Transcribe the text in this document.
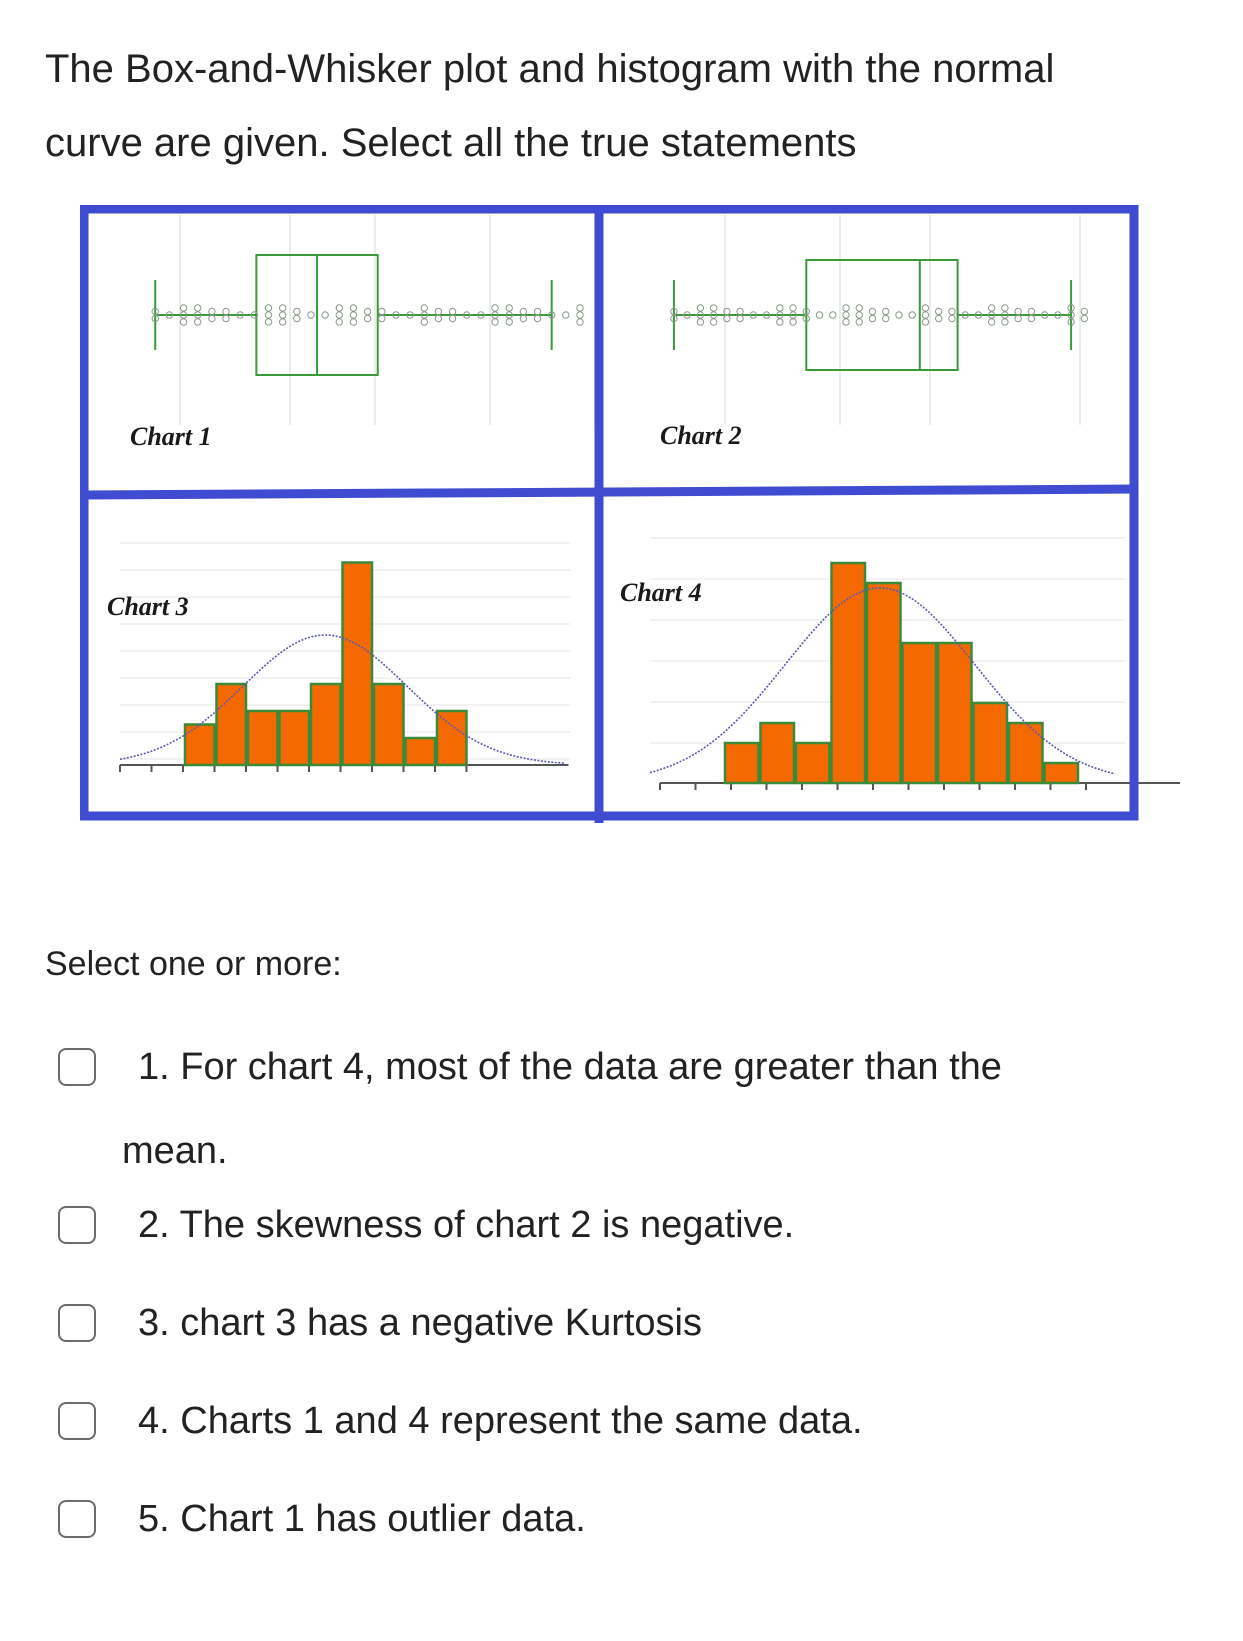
The Box-and-Whisker plot and histogram with the normal
curve are given. Select all the true statements
Chart 1	Chart 2
Chart 3	Chart 4

Select one or more:

1. For chart 4, most of the data are greater than the
mean.
2. The skewness of chart 2 is negative.
3. chart 3 has a negative Kurtosis
4. Charts 1 and 4 represent the same data.
5. Chart 1 has outlier data.
